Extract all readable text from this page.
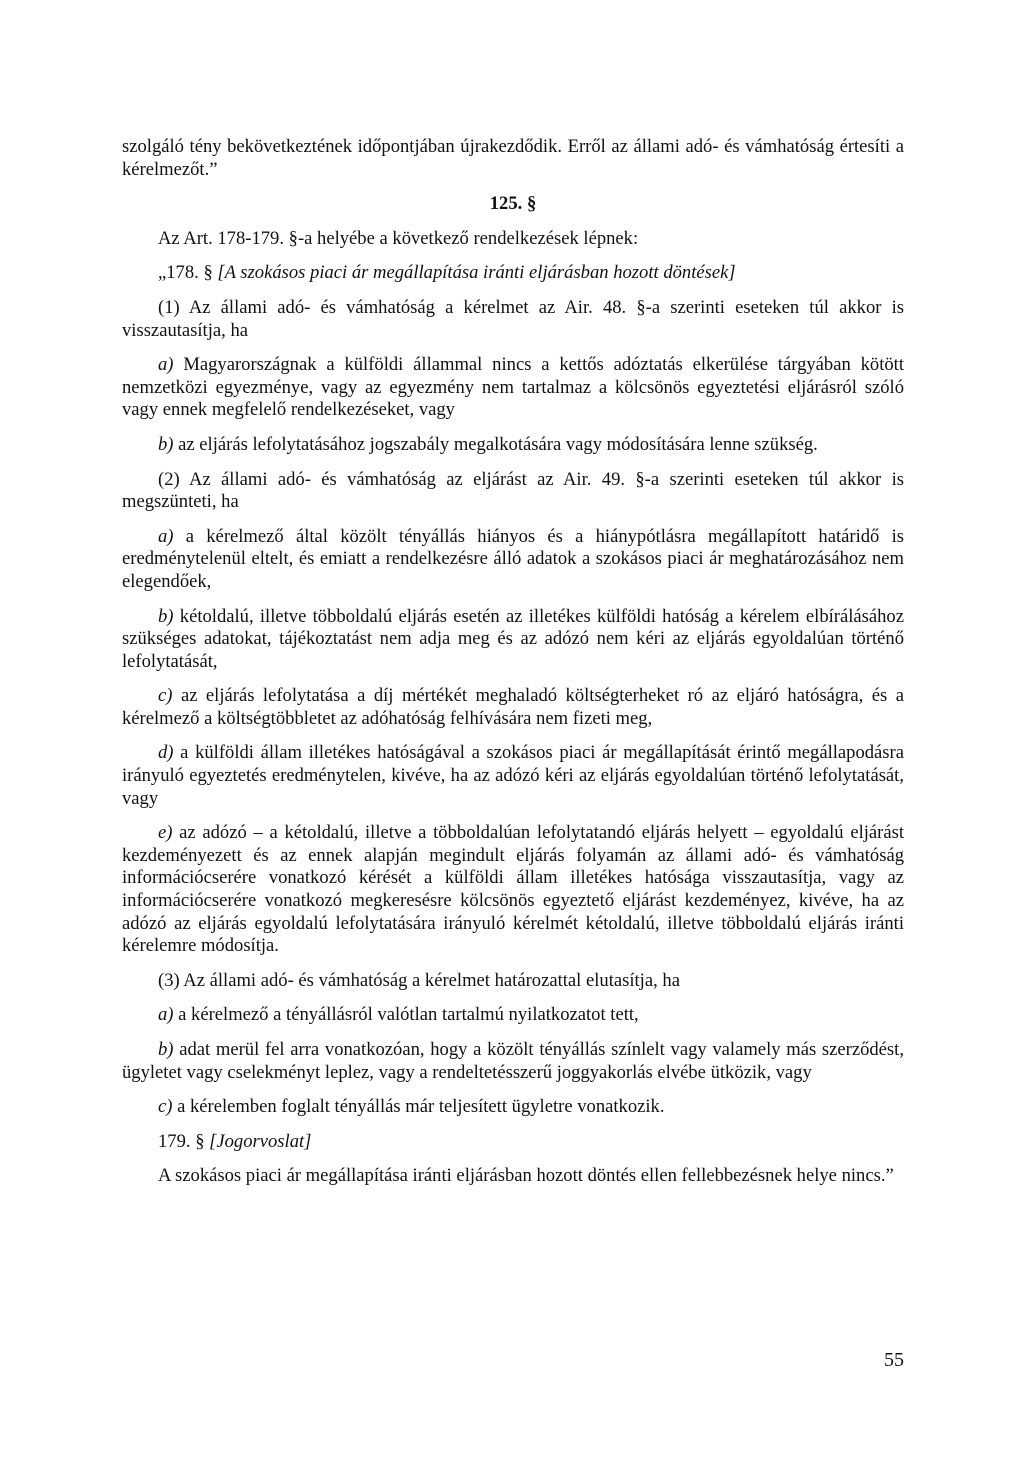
szolgáló tény bekövetkeztének időpontjában újrakezdődik. Erről az állami adó- és vámhatóság értesíti a kérelmezőt.”

125. §

Az Art. 178-179. §-a helyébe a következő rendelkezések lépnek:

„178. § [A szokásos piaci ár megállapítása iránti eljárásban hozott döntések]

(1) Az állami adó- és vámhatóság a kérelmet az Air. 48. §-a szerinti eseteken túl akkor is visszautasítja, ha

a) Magyarországnak a külföldi állammal nincs a kettős adóztatás elkerülése tárgyában kötött nemzetközi egyezménye, vagy az egyezmény nem tartalmaz a kölcsönös egyeztetési eljárásról szóló vagy ennek megfelelő rendelkezéseket, vagy

b) az eljárás lefolytatásához jogszabály megalkotására vagy módosítására lenne szükség.

(2) Az állami adó- és vámhatóság az eljárást az Air. 49. §-a szerinti eseteken túl akkor is megszünteti, ha

a) a kérelmező által közölt tényállás hiányos és a hiánypótlásra megállapított határidő is eredménytelenül eltelt, és emiatt a rendelkezésre álló adatok a szokásos piaci ár meghatározásához nem elegendőek,

b) kétoldalú, illetve többoldalú eljárás esetén az illetékes külföldi hatóság a kérelem elbírálásához szükséges adatokat, tájékoztatást nem adja meg és az adózó nem kéri az eljárás egyoldalúan történő lefolytatását,

c) az eljárás lefolytatása a díj mértékét meghaladó költségterheket ró az eljáró hatóságra, és a kérelmező a költségtöbbletet az adóhatóság felhívására nem fizeti meg,

d) a külföldi állam illetékes hatóságával a szokásos piaci ár megállapítását érintő megállapodásra irányuló egyeztetés eredménytelen, kivéve, ha az adózó kéri az eljárás egyoldalúan történő lefolytatását, vagy

e) az adózó – a kétoldalú, illetve a többoldalúan lefolytatandó eljárás helyett – egyoldalú eljárást kezdeményezett és az ennek alapján megindult eljárás folyamán az állami adó- és vámhatóság információcserére vonatkozó kérését a külföldi állam illetékes hatósága visszautasítja, vagy az információcserére vonatkozó megkeresésre kölcsönös egyeztető eljárást kezdeményez, kivéve, ha az adózó az eljárás egyoldalú lefolytatására irányuló kérelmét kétoldalú, illetve többoldalú eljárás iránti kérelemre módosítja.

(3) Az állami adó- és vámhatóság a kérelmet határozattal elutasítja, ha

a) a kérelmező a tényállásról valótlan tartalmú nyilatkozatot tett,

b) adat merül fel arra vonatkozóan, hogy a közölt tényállás színlelt vagy valamely más szerződést, ügyletet vagy cselekményt leplez, vagy a rendeltetésszerű joggyakorlás elvébe ütközik, vagy

c) a kérelemben foglalt tényállás már teljesített ügyletre vonatkozik.

179. § [Jogorvoslat]

A szokásos piaci ár megállapítása iránti eljárásban hozott döntés ellen fellebbezésnek helye nincs.”

55
